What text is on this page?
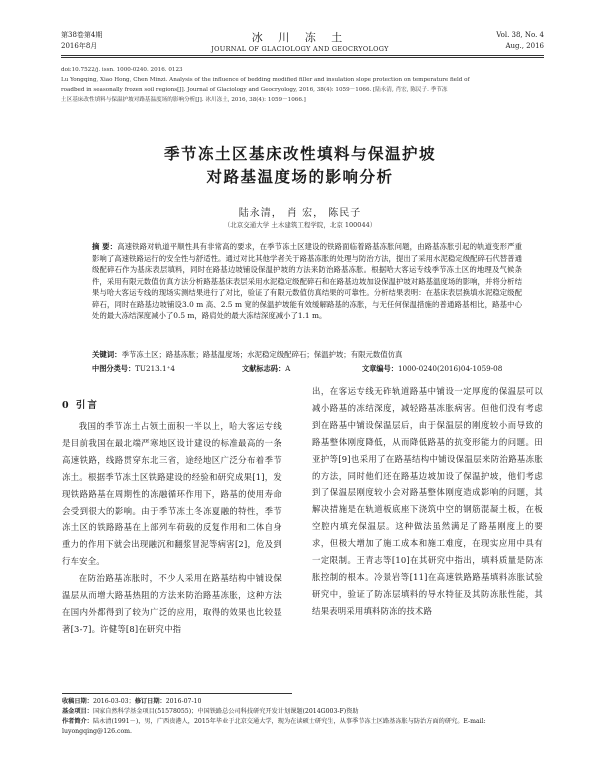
第38卷第4期
2016年8月
冰 川 冻 土
JOURNAL OF GLACIOLOGY AND GEOCRYOLOGY
Vol. 38, No. 4
Aug., 2016
doi:10.7522/j. issn. 1000-0240. 2016. 0123
Lu Yongqing, Xiao Hong, Chen Minzi. Analysis of the influence of bedding modified filler and insulation slope protection on temperature field of
roadbed in seasonally frozen soil regions[J]. Journal of Glaciology and Geocryology, 2016, 38(4): 1059－1066. [陆永清, 肖宏, 陈民子. 季节冻
土区基床改性填料与保温护坡对路基温度场的影响分析[J]. 冰川冻土, 2016, 38(4): 1059－1066.]
季节冻土区基床改性填料与保温护坡
对路基温度场的影响分析
陆永清， 肖 宏， 陈民子
（北京交通大学 土木建筑工程学院，北京 100044）
摘 要：高速铁路对轨道平顺性具有非常高的要求，在季节冻土区建设的铁路面临着路基冻胀问题，由路基冻胀引起的轨道变形严重影响了高速铁路运行的安全性与舒适性。通过对比其他学者关于路基冻胀的处理与防治方法，提出了采用水泥稳定级配碎石代替普通级配碎石作为基床表层填料，同时在路基边坡铺设保温护坡的方法来防治路基冻胀。根据哈大客运专线季节冻土区的地理及气候条件，采用有限元数值仿真方法分析路基基床表层采用水泥稳定级配碎石和在路基边坡加设保温护坡对路基温度场的影响，并将分析结果与哈大客运专线的现场实测结果进行了对比，验证了有限元数值仿真结果的可靠性。分析结果表明：在基床表层换填水泥稳定级配碎石，同时在路基边坡铺设3.0 m 高、2.5 m 宽的保温护坡能有效缓解路基的冻胀，与无任何保温措施的普通路基相比，路基中心处的最大冻结深度减小了0.5 m，路肩处的最大冻结深度减小了1.1 m。
关键词：季节冻土区；路基冻胀；路基温度场；水泥稳定级配碎石；保温护坡；有限元数值仿真
中图分类号：TU213.1⁺4	文献标志码：A	文章编号：1000-0240(2016)04-1059-08
0 引言

我国的季节冻土占领土面积一半以上，哈大客运专线是目前我国在最北端严寒地区设计建设的标准最高的一条高速铁路，线路贯穿东北三省，途经地区广泛分布着季节冻土。根据季节冻土区铁路建设的经验和研究成果[1]，发现铁路路基在周期性的冻融循环作用下，路基的使用寿命会受到很大的影响。由于季节冻土冬冻夏融的特性，季节冻土区的铁路路基在上部列车荷载的反复作用和二体自身重力的作用下就会出现融沉和翻浆冒泥等病害[2]，危及到行车安全。

在防治路基冻胀时，不少人采用在路基结构中铺设保温层从而增大路基热阻的方法来防治路基冻胀，这种方法在国内外都得到了较为广泛的应用，取得的效果也比较显著[3-7]。许健等[8]在研究中指

出，在客运专线无砟轨道路基中铺设一定厚度的保温层可以减小路基的冻结深度，减轻路基冻胀病害。但他们没有考虑到在路基中铺设保温层后，由于保温层的刚度较小而导致的路基整体刚度降低，从而降低路基的抗变形能力的问题。田亚护等[9]也采用了在路基结构中铺设保温层来防治路基冻胀的方法，同时他们还在路基边坡加设了保温护坡，他们考虑到了保温层刚度较小会对路基整体刚度造成影响的问题，其解决措施是在轨道板底座下浇筑中空的钢筋混凝土板，在板空腔内填充保温层。这种做法虽然满足了路基刚度上的要求，但极大增加了施工成本和施工难度，在现实应用中具有一定限制。王青志等[10]在其研究中指出，填料质量是防冻胀控制的根本。冷景岩等[11]在高速铁路路基填料冻胀试验研究中，验证了防冻层填料的导水特征及其防冻胀性能，其结果表明采用填料防冻的技术路

收稿日期：2016-03-03；修订日期：2016-07-10
基金项目：国家自然科学基金项目(51578055)；中国铁路总公司科技研究开发计划课题(2014G003-F)资助
作者简介：陆永清(1991－)，男，广西贵港人，2015年毕业于北京交通大学，现为在读硕士研究生，从事季节冻土区路基冻胀与防治方面的研究。E-mail: luyongqing@126.com.
